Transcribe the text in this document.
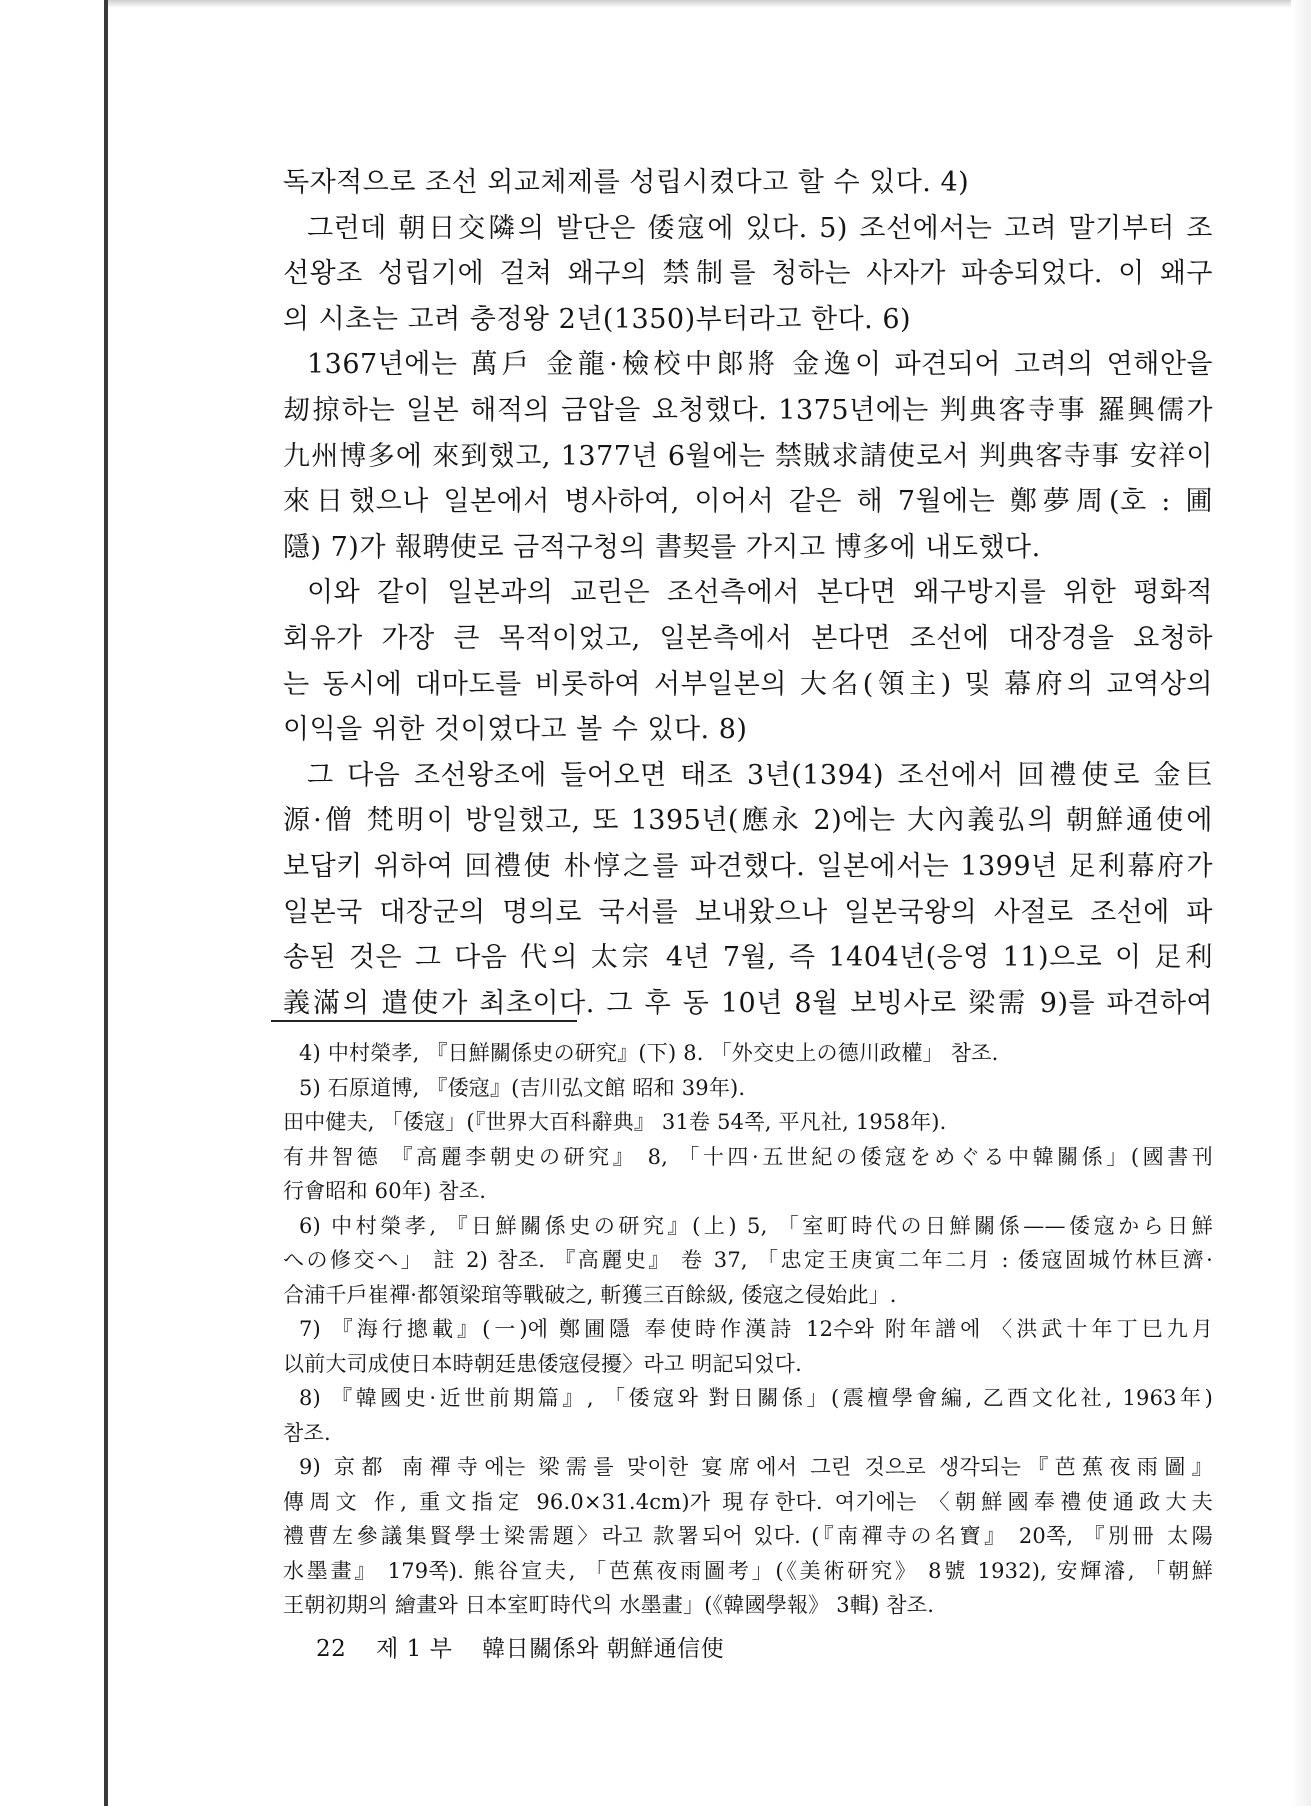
독자적으로 조선 외교체제를 성립시켰다고 할 수 있다. 4)
그런데 朝日交隣의 발단은 倭寇에 있다. 5) 조선에서는 고려 말기부터 조
선왕조 성립기에 걸쳐 왜구의 禁制를 청하는 사자가 파송되었다. 이 왜구
의 시초는 고려 충정왕 2년(1350)부터라고 한다. 6)
1367년에는 萬戶 金龍·檢校中郞將 金逸이 파견되어 고려의 연해안을
刼掠하는 일본 해적의 금압을 요청했다. 1375년에는 判典客寺事 羅興儒가
九州博多에 來到했고, 1377년 6월에는 禁賊求請使로서 判典客寺事 安祥이
來日했으나 일본에서 병사하여, 이어서 같은 해 7월에는 鄭夢周(호 : 圃
隱) 7)가 報聘使로 금적구청의 書契를 가지고 博多에 내도했다.
이와 같이 일본과의 교린은 조선측에서 본다면 왜구방지를 위한 평화적
회유가 가장 큰 목적이었고, 일본측에서 본다면 조선에 대장경을 요청하
는 동시에 대마도를 비롯하여 서부일본의 大名(領主) 및 幕府의 교역상의
이익을 위한 것이였다고 볼 수 있다. 8)
그 다음 조선왕조에 들어오면 태조 3년(1394) 조선에서 回禮使로 金巨
源·僧 梵明이 방일했고, 또 1395년(應永 2)에는 大內義弘의 朝鮮通使에
보답키 위하여 回禮使 朴惇之를 파견했다. 일본에서는 1399년 足利幕府가
일본국 대장군의 명의로 국서를 보내왔으나 일본국왕의 사절로 조선에 파
송된 것은 그 다음 代의 太宗 4년 7월, 즉 1404년(응영 11)으로 이 足利
義滿의 遣使가 최초이다. 그 후 동 10년 8월 보빙사로 梁需 9)를 파견하여
4) 中村榮孝, 『日鮮關係史の研究』(下) 8. 「外交史上の德川政權」 참조.
5) 石原道博, 『倭寇』(吉川弘文館 昭和 39年).
田中健夫, 「倭寇」(『世界大百科辭典』 31卷 54쪽, 平凡社, 1958年).
有井智德 『高麗李朝史の研究』 8, 「十四·五世紀の倭寇をめぐる中韓關係」(國書刊
行會昭和 60年) 참조.
6) 中村榮孝, 『日鮮關係史の研究』(上) 5, 「室町時代の日鮮關係——倭寇から日鮮
への修交へ」 註 2) 참조. 『高麗史』 卷 37, 「忠定王庚寅二年二月 : 倭寇固城竹林巨濟·
合浦千戶崔禪·都領梁琯等戰破之, 斬獲三百餘級, 倭寇之侵始此」.
7) 『海行摠載』(一)에 鄭圃隱 奉使時作漢詩 12수와 附年譜에 〈洪武十年丁巳九月
以前大司成使日本時朝廷患倭寇侵擾〉라고 明記되었다.
8) 『韓國史·近世前期篇』, 「倭寇와 對日關係」(震檀學會編, 乙酉文化社, 1963年)
참조.
9) 京都 南禪寺에는 梁需를 맞이한 宴席에서 그린 것으로 생각되는『芭蕉夜雨圖』
傳周文 作, 重文指定 96.0×31.4cm)가 現存한다. 여기에는 〈朝鮮國奉禮使通政大夫
禮曹左參議集賢學士梁需題〉라고 款署되어 있다. (『南禪寺の名寶』 20쪽, 『別冊 太陽
水墨畫』 179쪽). 熊谷宣夫, 「芭蕉夜雨圖考」(《美術研究》 8號 1932), 安輝濬, 「朝鮮
王朝初期의 繪畫와 日本室町時代의 水墨畫」(《韓國學報》 3輯) 참조.
22 제 1 부 韓日關係와 朝鮮通信使
